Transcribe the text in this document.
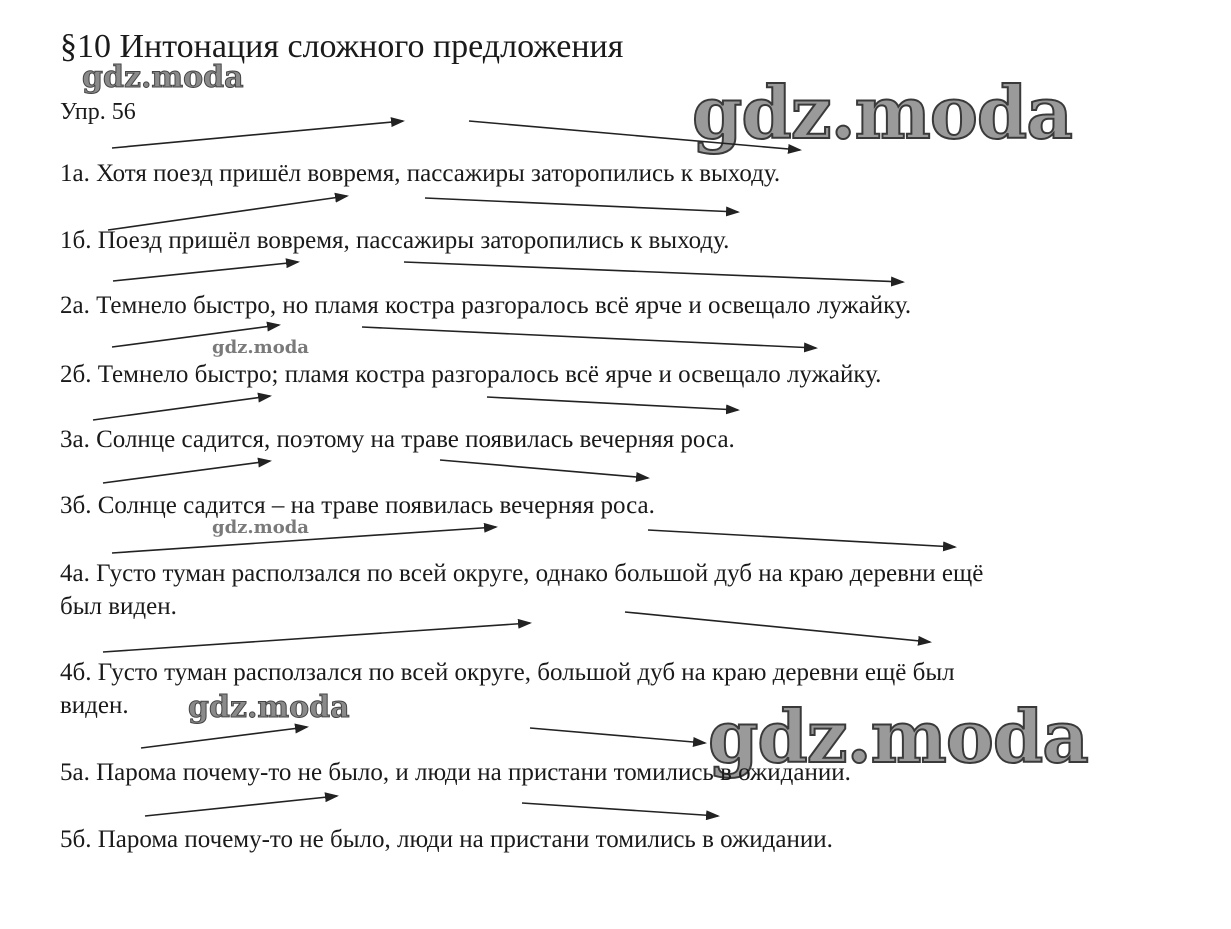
§10 Интонация сложного предложения
Упр. 56
gdz.moda	gdz.moda
gdz.moda
gdz.moda
gdz.moda	gdz.moda
1а. Хотя поезд пришёл вовремя, пассажиры заторопились к выходу.
1б. Поезд пришёл вовремя, пассажиры заторопились к выходу.
2а. Темнело быстро, но пламя костра разгоралось всё ярче и освещало лужайку.
2б. Темнело быстро; пламя костра разгоралось всё ярче и освещало лужайку.
3а. Солнце садится, поэтому на траве появилась вечерняя роса.
3б. Солнце садится – на траве появилась вечерняя роса.
4а. Густо туман расползался по всей округе, однако большой дуб на краю деревни ещё
был виден.
4б. Густо туман расползался по всей округе, большой дуб на краю деревни ещё был
виден.
5а. Парома почему-то не было, и люди на пристани томились в ожидании.
5б. Парома почему-то не было, люди на пристани томились в ожидании.
